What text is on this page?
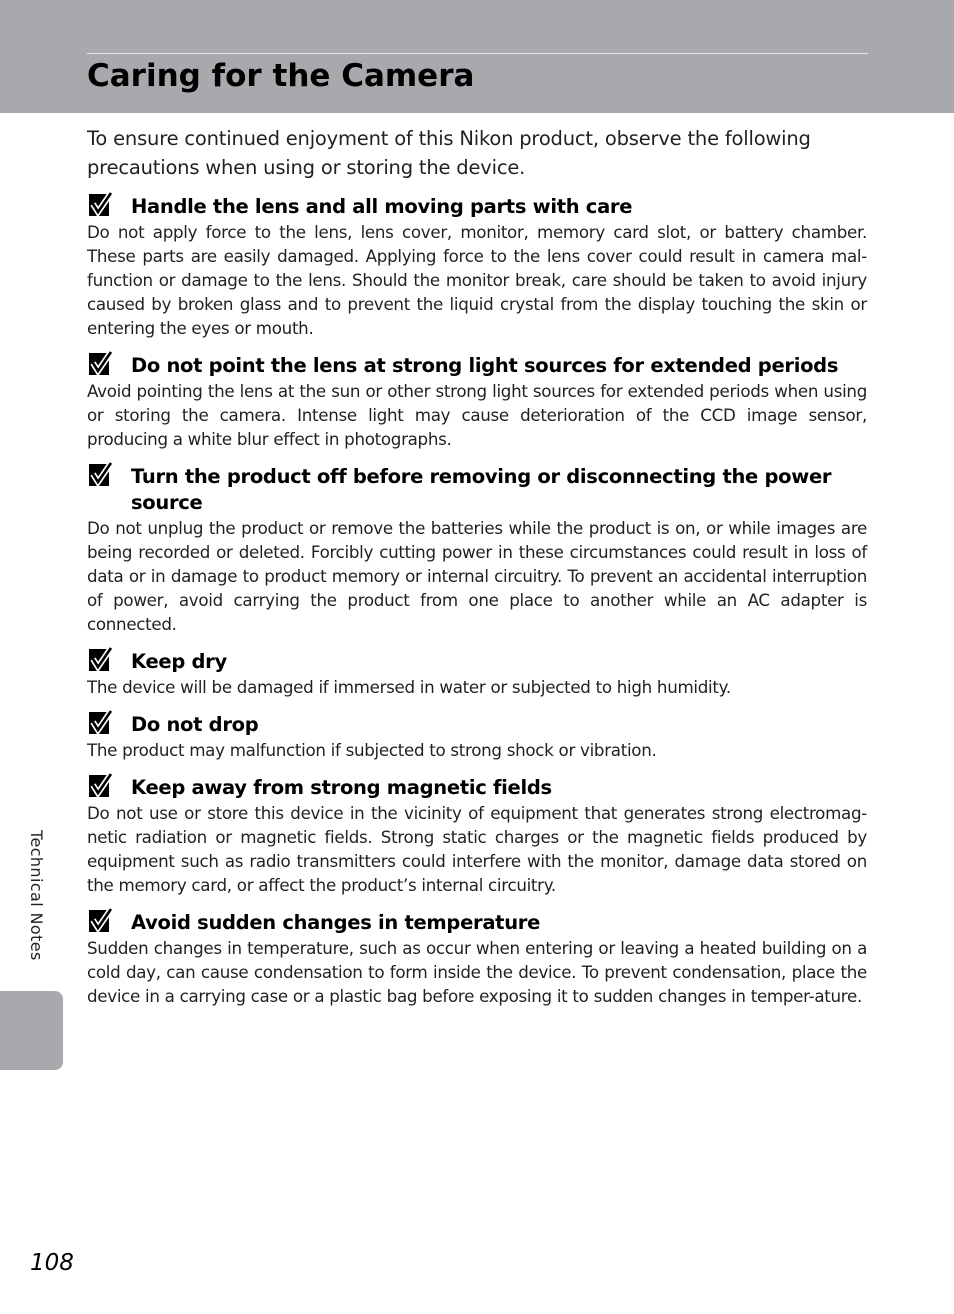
Caring for the Camera

To ensure continued enjoyment of this Nikon product, observe the following precautions when using or storing the device.

Handle the lens and all moving parts with care

Do not apply force to the lens, lens cover, monitor, memory card slot, or battery chamber. These parts are easily damaged. Applying force to the lens cover could result in camera mal-function or damage to the lens. Should the monitor break, care should be taken to avoid injury caused by broken glass and to prevent the liquid crystal from the display touching the skin or entering the eyes or mouth.

Do not point the lens at strong light sources for extended periods

Avoid pointing the lens at the sun or other strong light sources for extended periods when using or storing the camera. Intense light may cause deterioration of the CCD image sensor, producing a white blur effect in photographs.

Turn the product off before removing or disconnecting the power source

Do not unplug the product or remove the batteries while the product is on, or while images are being recorded or deleted. Forcibly cutting power in these circumstances could result in loss of data or in damage to product memory or internal circuitry. To prevent an accidental interruption of power, avoid carrying the product from one place to another while an AC adapter is connected.

Keep dry

The device will be damaged if immersed in water or subjected to high humidity.

Do not drop

The product may malfunction if subjected to strong shock or vibration.

Keep away from strong magnetic fields

Do not use or store this device in the vicinity of equipment that generates strong electromag-netic radiation or magnetic fields. Strong static charges or the magnetic fields produced by equipment such as radio transmitters could interfere with the monitor, damage data stored on the memory card, or affect the product’s internal circuitry.

Avoid sudden changes in temperature

Sudden changes in temperature, such as occur when entering or leaving a heated building on a cold day, can cause condensation to form inside the device. To prevent condensation, place the device in a carrying case or a plastic bag before exposing it to sudden changes in temper-ature.

Technical Notes
108
